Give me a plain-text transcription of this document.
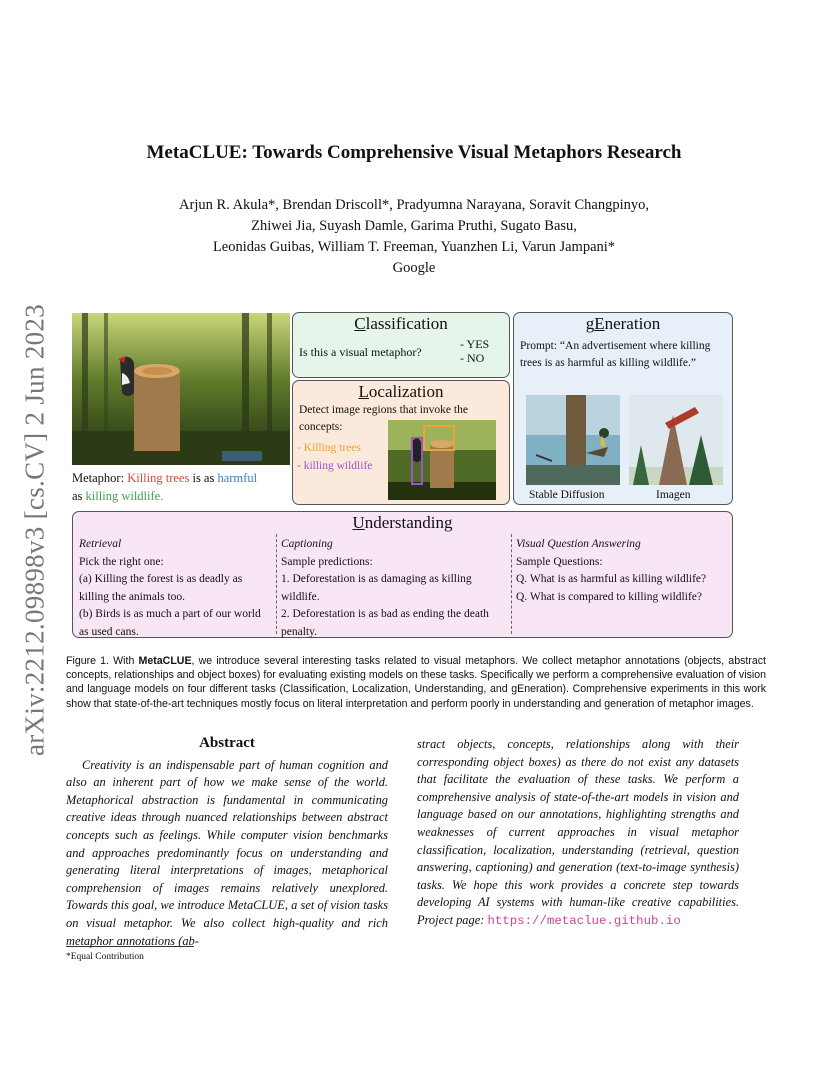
arXiv:2212.09898v3 [cs.CV] 2 Jun 2023
MetaCLUE: Towards Comprehensive Visual Metaphors Research
Arjun R. Akula*, Brendan Driscoll*, Pradyumna Narayana, Soravit Changpinyo,
Zhiwei Jia, Suyash Damle, Garima Pruthi, Sugato Basu,
Leonidas Guibas, William T. Freeman, Yuanzhen Li, Varun Jampani*
Google
Metaphor: Killing trees is as harmful
as killing wildlife.
Classification
Is this a visual metaphor?
- YES
- NO
Localization
Detect image regions that invoke the concepts:
- Killing trees
- killing wildlife
gEneration
Prompt: “An advertisement where killing trees is as harmful as killing wildlife.”
Stable Diffusion	Imagen
Understanding
Retrieval
Pick the right one:
(a) Killing the forest is as deadly as killing the animals too.
(b) Birds is as much a part of our world as used cans.
Captioning
Sample predictions:
1. Deforestation is as damaging as killing wildlife.
2. Deforestation is as bad as ending the death penalty.
Visual Question Answering
Sample Questions:
Q. What is as harmful as killing wildlife?
Q. What is compared to killing wildlife?
Figure 1. With MetaCLUE, we introduce several interesting tasks related to visual metaphors. We collect metaphor annotations (objects, abstract concepts, relationships and object boxes) for evaluating existing models on these tasks. Specifically we perform a comprehensive evaluation of vision and language models on four different tasks (Classification, Localization, Understanding, and gEneration). Comprehensive experiments in this work show that state-of-the-art techniques mostly focus on literal interpretation and perform poorly in understanding and generation of metaphor images.
Abstract
Creativity is an indispensable part of human cognition and also an inherent part of how we make sense of the world. Metaphorical abstraction is fundamental in communicating creative ideas through nuanced relationships between abstract concepts such as feelings. While computer vision benchmarks and approaches predominantly focus on understanding and generating literal interpretations of images, metaphorical comprehension of images remains relatively unexplored. Towards this goal, we introduce MetaCLUE, a set of vision tasks on visual metaphor. We also collect high-quality and rich metaphor annotations (ab-
stract objects, concepts, relationships along with their corresponding object boxes) as there do not exist any datasets that facilitate the evaluation of these tasks. We perform a comprehensive analysis of state-of-the-art models in vision and language based on our annotations, highlighting strengths and weaknesses of current approaches in visual metaphor classification, localization, understanding (retrieval, question answering, captioning) and generation (text-to-image synthesis) tasks. We hope this work provides a concrete step towards developing AI systems with human-like creative capabilities. Project page: https://metaclue.github.io
*Equal Contribution
